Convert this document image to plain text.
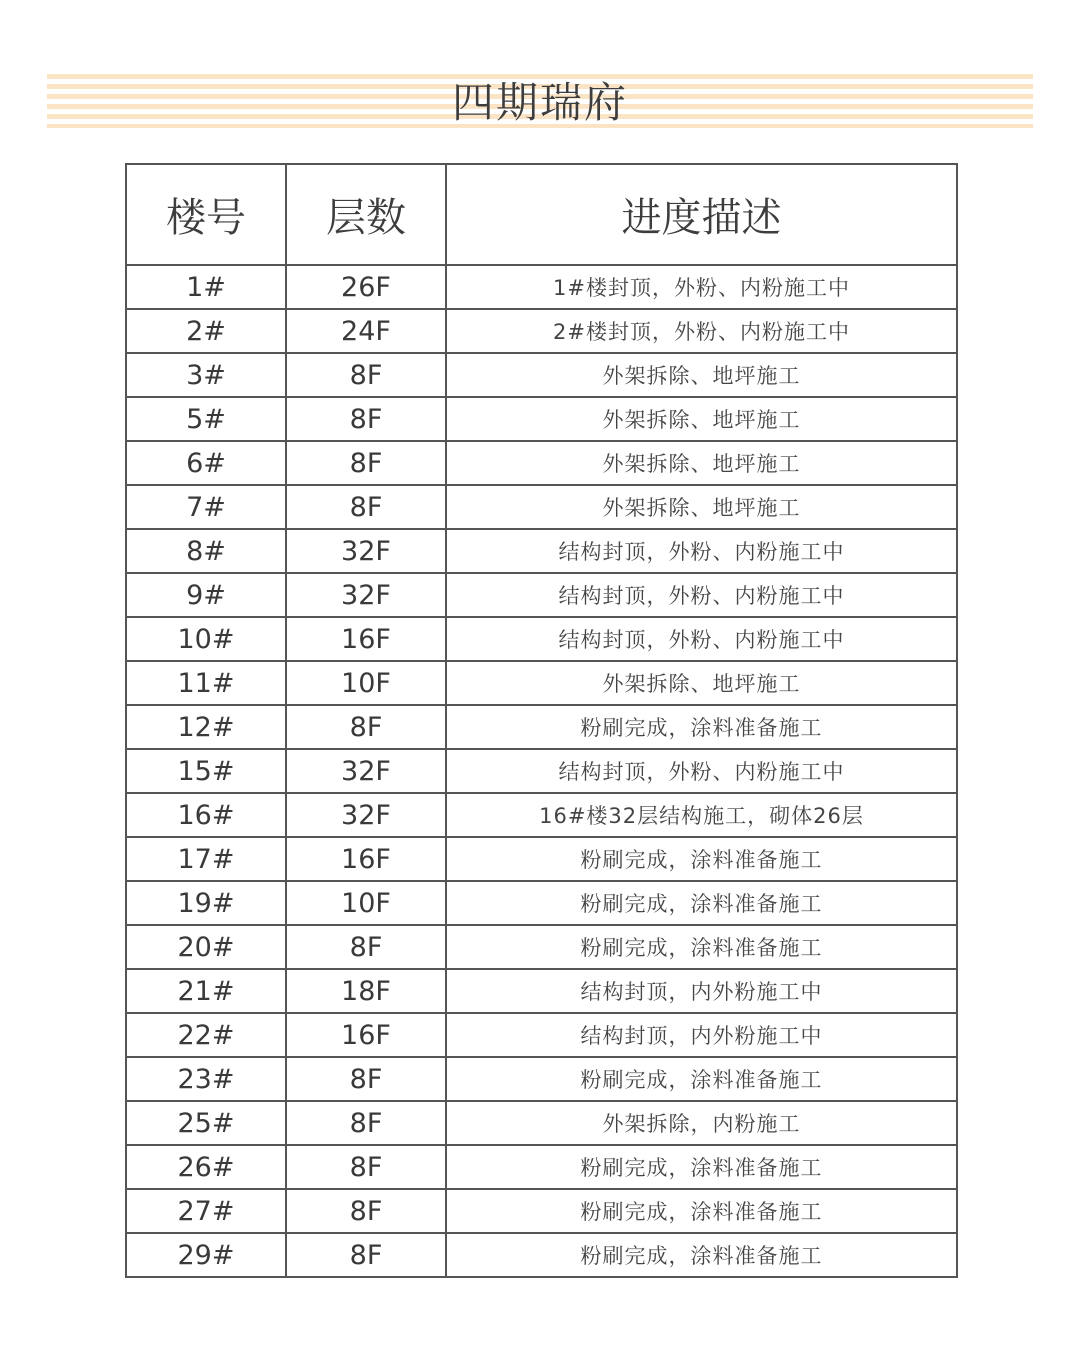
四期瑞府
楼号	层数	进度描述
1#	26F	1#楼封顶，外粉、内粉施工中
2#	24F	2#楼封顶，外粉、内粉施工中
3#	8F	外架拆除、地坪施工
5#	8F	外架拆除、地坪施工
6#	8F	外架拆除、地坪施工
7#	8F	外架拆除、地坪施工
8#	32F	结构封顶，外粉、内粉施工中
9#	32F	结构封顶，外粉、内粉施工中
10#	16F	结构封顶，外粉、内粉施工中
11#	10F	外架拆除、地坪施工
12#	8F	粉刷完成，涂料准备施工
15#	32F	结构封顶，外粉、内粉施工中
16#	32F	16#楼32层结构施工，砌体26层
17#	16F	粉刷完成，涂料准备施工
19#	10F	粉刷完成，涂料准备施工
20#	8F	粉刷完成，涂料准备施工
21#	18F	结构封顶，内外粉施工中
22#	16F	结构封顶，内外粉施工中
23#	8F	粉刷完成，涂料准备施工
25#	8F	外架拆除，内粉施工
26#	8F	粉刷完成，涂料准备施工
27#	8F	粉刷完成，涂料准备施工
29#	8F	粉刷完成，涂料准备施工
